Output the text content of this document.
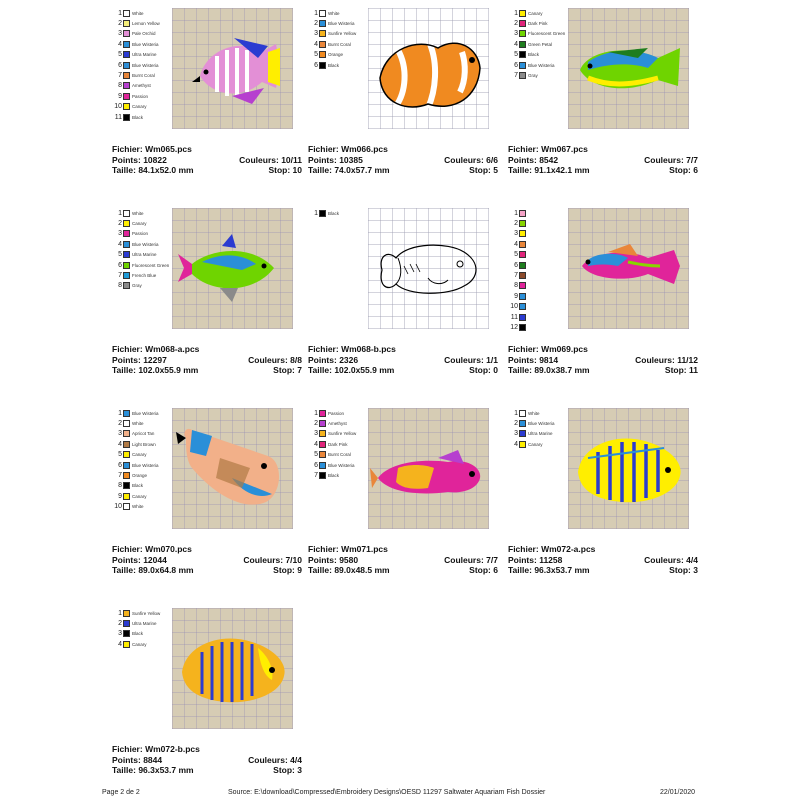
1 White
2 Lemon Yellow
3 Pale Orchid
4 Blue Wisteria
5 Ultra Marine
6 Blue Wisteria
7 Burnt Coral
8 Amethyst
9 Passion
10 Canary
11 Black
Fichier: Wm065.pcs
Points: 10822	Couleurs: 10/11
Taille: 84.1x52.0 mm	Stop: 10
1 White
2 Blue Wisteria
3 Sunfire Yellow
4 Burnt Coral
5 Orange
6 Black
Fichier: Wm066.pcs
Points: 10385	Couleurs: 6/6
Taille: 74.0x57.7 mm	Stop: 5
1 Canary
2 Dark Pink
3 Fluorescent Green
4 Green Petal
5 Black
6 Blue Wisteria
7 Gray
Fichier: Wm067.pcs
Points: 8542	Couleurs: 7/7
Taille: 91.1x42.1 mm	Stop: 6
1 White
2 Canary
3 Passion
4 Blue Wisteria
5 Ultra Marine
6 Fluorescent Green
7 French Blue
8 Gray
Fichier: Wm068-a.pcs
Points: 12297	Couleurs: 8/8
Taille: 102.0x55.9 mm	Stop: 7
1 Black
Fichier: Wm068-b.pcs
Points: 2326	Couleurs: 1/1
Taille: 102.0x55.9 mm	Stop: 0
1
2
3
4
5
6
7
8
9
10
11
12
Fichier: Wm069.pcs
Points: 9814	Couleurs: 11/12
Taille: 89.0x38.7 mm	Stop: 11
1 Blue Wisteria
2 White
3 Apricot Tan
4 Light Brown
5 Canary
6 Blue Wisteria
7 Orange
8 Black
9 Canary
10 White
Fichier: Wm070.pcs
Points: 12044	Couleurs: 7/10
Taille: 89.0x64.8 mm	Stop: 9
1 Passion
2 Amethyst
3 Sunfire Yellow
4 Dark Pink
5 Burnt Coral
6 Blue Wisteria
7 Black
Fichier: Wm071.pcs
Points: 9580	Couleurs: 7/7
Taille: 89.0x48.5 mm	Stop: 6
1 White
2 Blue Wisteria
3 Ultra Marine
4 Canary
Fichier: Wm072-a.pcs
Points: 11258	Couleurs: 4/4
Taille: 96.3x53.7 mm	Stop: 3
1 Sunfire Yellow
2 Ultra Marine
3 Black
4 Canary
Fichier: Wm072-b.pcs
Points: 8844	Couleurs: 4/4
Taille: 96.3x53.7 mm	Stop: 3
Page 2 de 2	Source: E:\download\Compressed\Embroidery Designs\OESD 11297 Saltwater Aquariam Fish Dossier	22/01/2020
